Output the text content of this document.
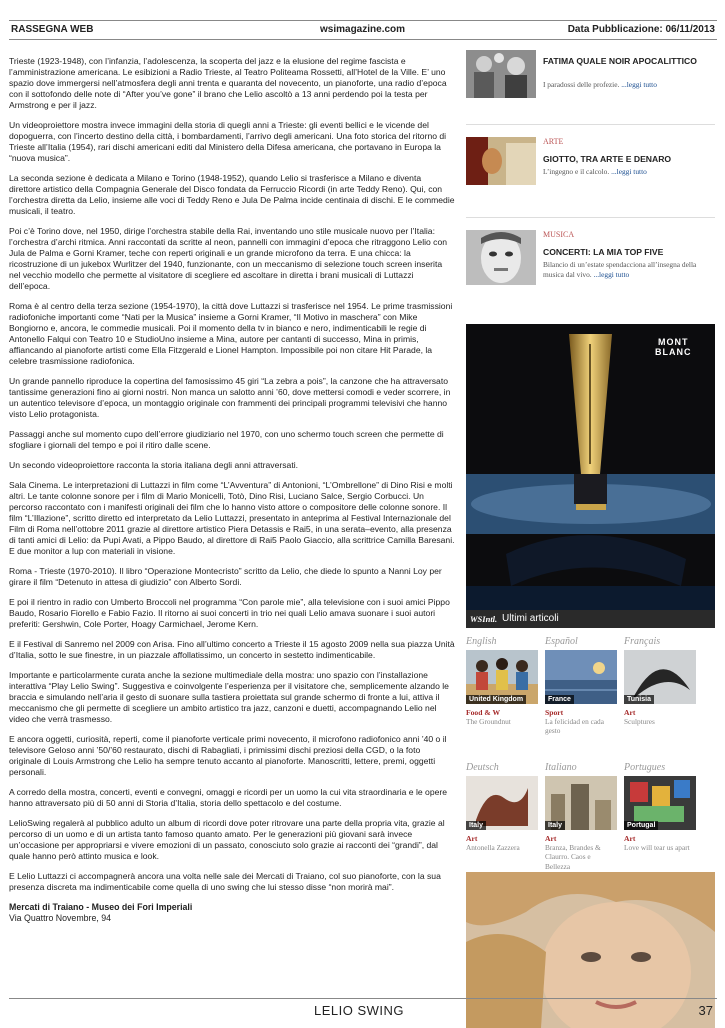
RASSEGNA WEB	wsimagazine.com	Data Pubblicazione: 06/11/2013

Trieste (1923-1948), con l’infanzia, l’adolescenza, la scoperta del jazz e la elusione del regime fascista e l’amministrazione americana. Le esibizioni a Radio Trieste, al Teatro Politeama Rossetti, all’Hotel de la Ville. E’ uno spazio dove immergersi nell’atmosfera degli anni trenta e quaranta del novecento, un pianoforte, una radio d’epoca con il sottofondo delle note di “After you’ve gone” il brano che Lelio ascoltò a 13 anni perdendo poi la testa per Armstrong e per il jazz.

Un videoproiettore mostra invece immagini della storia di quegli anni a Trieste: gli eventi bellici e le vicende del dopoguerra, con l’incerto destino della città, i bombardamenti, l’arrivo degli americani. Una foto storica del ritorno di Trieste all’Italia (1954), rari dischi americani editi dal Ministero della Difesa americana, che portavano in Europa la “nuova musica”.

La seconda sezione è dedicata a Milano e Torino (1948-1952), quando Lelio si trasferisce a Milano e diventa direttore artistico della Compagnia Generale del Disco fondata da Ferruccio Ricordi (in arte Teddy Reno). Qui, con l’orchestra diretta da Lelio, insieme alle voci di Teddy Reno e Jula De Palma incide centinaia di dischi. E le commedie musicali, il teatro.

Poi c’è Torino dove, nel 1950, dirige l’orchestra stabile della Rai, inventando uno stile musicale nuovo per l’Italia: l’orchestra d’archi ritmica. Anni raccontati da scritte al neon, pannelli con immagini d’epoca che ritraggono Lelio con Jula de Palma e Gorni Kramer, teche con reperti originali e un grande microfono da terra. E una chicca: la ricostruzione di un jukebox Wurlitzer del 1940, funzionante, con un meccanismo di selezione touch screen inserita nel vecchio modello che permette al visitatore di scegliere ed ascoltare in diretta i brani musicali di Luttazzi dell’epoca.

Roma è al centro della terza sezione (1954-1970), la città dove Luttazzi si trasferisce nel 1954. Le prime trasmissioni radiofoniche importanti come “Nati per la Musica” insieme a Gorni Kramer, “Il Motivo in maschera” con Mike Bongiorno e, ancora, le commedie musicali. Poi il momento della tv in bianco e nero, indimenticabili le regie di Antonello Falqui con Teatro 10 e StudioUno insieme a Mina, autore per cantanti di successo, Mina in primis, affiancando al pianoforte artisti come Ella Fitzgerald e Lionel Hampton. Impossibile poi non citare Hit Parade, la celebre trasmissione radiofonica.

Un grande pannello riproduce la copertina del famosissimo 45 giri “La zebra a pois”, la canzone che ha attraversato tantissime generazioni fino ai giorni nostri. Non manca un salotto anni ’60, dove mettersi comodi e veder scorrere, in un autentico televisore d’epoca, un montaggio originale con frammenti dei principali programmi televisivi che hanno visto Lelio protagonista.

Passaggi anche sul momento cupo dell’errore giudiziario nel 1970, con uno schermo touch screen che permette di sfogliare i giornali del tempo e poi il ritiro dalle scene.

Un secondo videoproiettore racconta la storia italiana degli anni attraversati.

Sala Cinema. Le interpretazioni di Luttazzi in film come “L’Avventura” di Antonioni, “L’Ombrellone” di Dino Risi e molti altri. Le tante colonne sonore per i film di Mario Monicelli, Totò, Dino Risi, Luciano Salce, Sergio Corbucci. Un percorso raccontato con i manifesti originali dei film che lo hanno visto attore o compositore delle colonne sonore. Il film “L’Illazione”, scritto diretto ed interpretato da Lelio Luttazzi, presentato in anteprima al Festival Internazionale del Film di Roma nell’ottobre 2011 grazie al direttore artistico Piera Detassis e Rai5, in una serata–evento, alla presenza di tanti amici di Lelio: da Pupi Avati, a Pippo Baudo, al direttore di Rai5 Paolo Giaccio, alla scrittrice Camilla Baresani.
E due monitor a lup con materiali in visione.

Roma - Trieste (1970-2010). Il libro “Operazione Montecristo” scritto da Lelio, che diede lo spunto a Nanni Loy per girare il film “Detenuto in attesa di giudizio” con Alberto Sordi.

E poi il rientro in radio con Umberto Broccoli nel programma “Con parole mie”, alla televisione con i suoi amici Pippo Baudo, Rosario Fiorello e Fabio Fazio. Il ritorno ai suoi concerti in trio nei quali Lelio amava suonare i suoi autori preferiti: Gershwin, Cole Porter, Hoagy Carmichael, Jerome Kern.

E il Festival di Sanremo nel 2009 con Arisa. Fino all’ultimo concerto a Trieste il 15 agosto 2009 nella sua piazza Unità d’Italia, sotto le sue finestre, in un piazzale affollatissimo, un concerto in sestetto indimenticabile.

Importante e particolarmente curata anche la sezione multimediale della mostra: uno spazio con l’installazione interattiva “Play Lelio Swing”. Suggestiva e coinvolgente l’esperienza per il visitatore che, semplicemente alzando le braccia e simulando nell’aria il gesto di suonare sulla tastiera proiettata sul grande schermo di fronte a lui, attiva il meccanismo che gli permette di scegliere un ambito artistico tra jazz, canzoni e duetti, accompagnando Lelio nel video che verrà trasmesso.

E ancora oggetti, curiosità, reperti, come il pianoforte verticale primi novecento, il microfono radiofonico anni ’40 o il televisore Geloso anni ’50/’60 restaurato, dischi di Rabagliati, i primissimi dischi preziosi della CGD, o la foto originale di Louis Armstrong che Lelio ha sempre tenuto accanto al pianoforte. Manoscritti, lettere, premi, oggetti personali.

A corredo della mostra, concerti, eventi e convegni, omaggi e ricordi per un uomo la cui vita straordinaria e le opere hanno attraversato più di 50 anni di Storia d’Italia, storia dello spettacolo e del costume.

LelioSwing regalerà al pubblico adulto un album di ricordi dove poter ritrovare una parte della propria vita, grazie al percorso di un uomo e di un artista tanto famoso quanto amato. Per le generazioni più giovani sarà invece un’occasione per appropriarsi e vivere emozioni di un passato, conosciuto solo grazie ai racconti dei “grandi”, dal quale hanno però attinto musica e look.

E Lelio Luttazzi ci accompagnerà ancora una volta nelle sale dei Mercati di Traiano, col suo pianoforte, con la sua presenza discreta ma indimenticabile come quella di uno swing che lui stesso disse “non morirà mai”.

Mercati di Traiano - Museo dei Fori Imperiali
Via Quattro Novembre, 94
FATIMA QUALE NOIR APOCALITTICO
I paradossi delle profezie. ...leggi tutto
ARTE
GIOTTO, TRA ARTE E DENARO
L’ingegno e il calcolo. ...leggi tutto
MUSICA
CONCERTI: LA MIA TOP FIVE
Bilancio di un’estate spendacciona all’insegna della musica dal vivo. ...leggi tutto
MONT
BLANC
WSIntl. Ultimi articoli
English
United Kingdom
Food & W
The Groundnut
Español
France
Sport
La felicidad en cada gesto
Français
Tunisia
Art
Sculptures
Deutsch
Italy
Art
Antonella Zazzera
Italiano
Italy
Art
Branza, Brandes & Claurro. Caos e Bellezza
Portugues
Portugal
Art
Love will tear us apart
LELIO SWING	37
